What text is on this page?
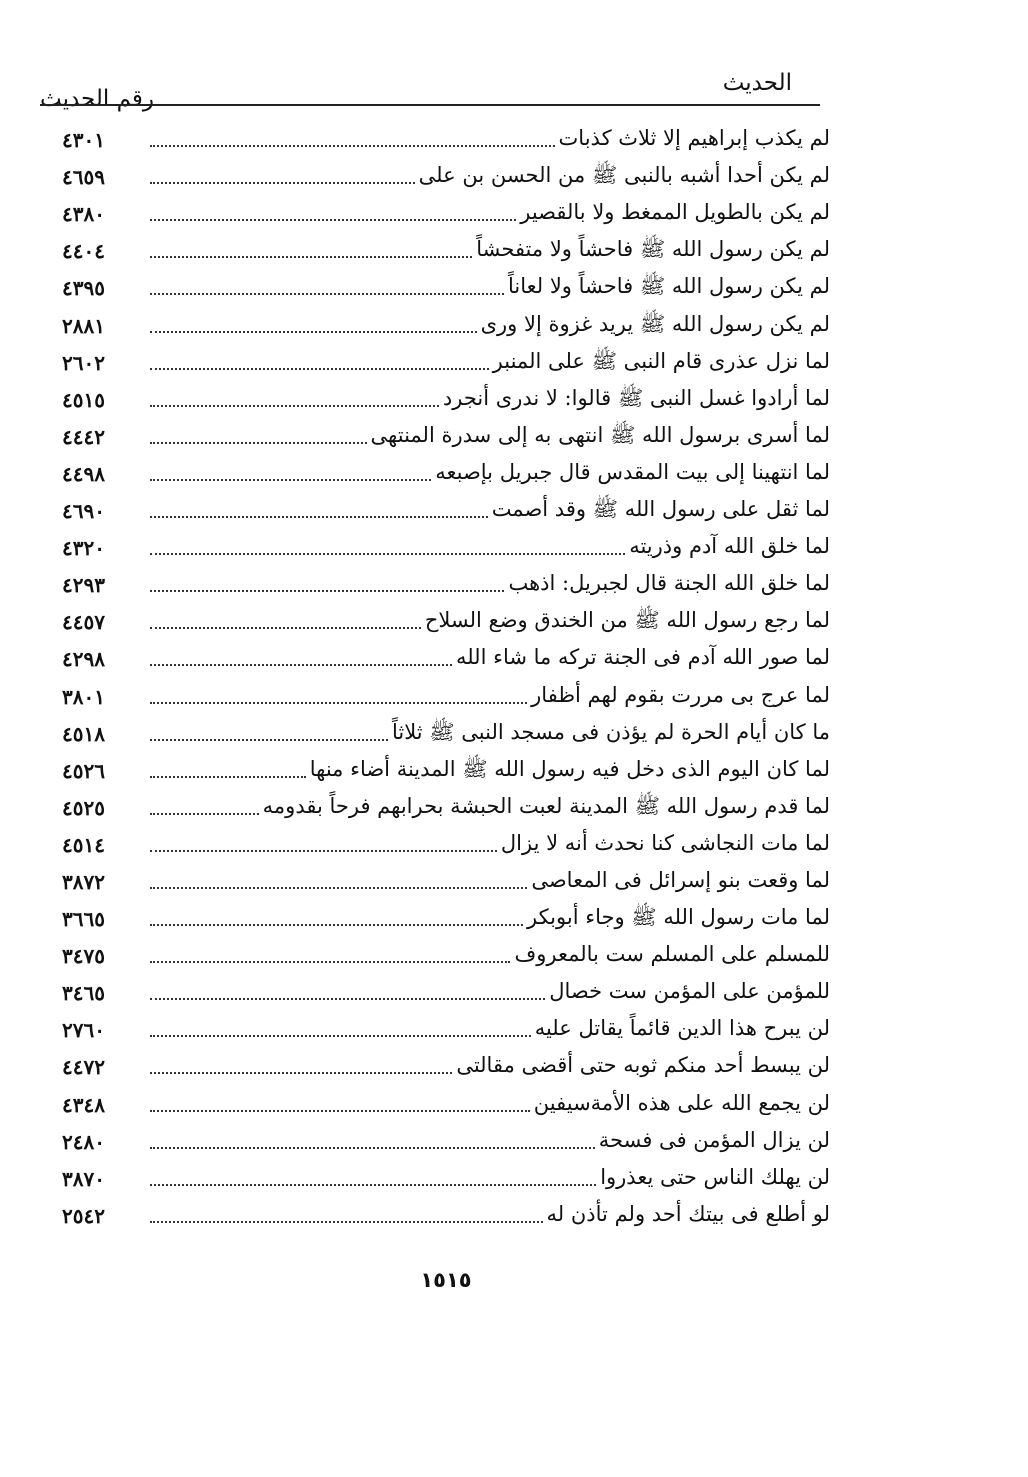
الحديث
رقم الحديث
٤٣٠١	لم يكذب إبراهيم إلا ثلاث كذبات
٤٦٥٩	لم يكن أحدا أشبه بالنبى ﷺ من الحسن بن على
٤٣٨٠	لم يكن بالطويل الممغط ولا بالقصير
٤٤٠٤	لم يكن رسول الله ﷺ فاحشاً ولا متفحشاً
٤٣٩٥	لم يكن رسول الله ﷺ فاحشاً ولا لعاناً
٢٨٨١	لم يكن رسول الله ﷺ يريد غزوة إلا ورى
٢٦٠٢	لما نزل عذرى قام النبى ﷺ على المنبر
٤٥١٥	لما أرادوا غسل النبى ﷺ قالوا: لا ندرى أنجرد
٤٤٤٢	لما أسرى برسول الله ﷺ انتهى به إلى سدرة المنتهى
٤٤٩٨	لما انتهينا إلى بيت المقدس قال جبريل بإصبعه
٤٦٩٠	لما ثقل على رسول الله ﷺ وقد أصمت
٤٣٢٠	لما خلق الله آدم وذريته
٤٢٩٣	لما خلق الله الجنة قال لجبريل: اذهب
٤٤٥٧	لما رجع رسول الله ﷺ من الخندق وضع السلاح
٤٢٩٨	لما صور الله آدم فى الجنة تركه ما شاء الله
٣٨٠١	لما عرج بى مررت بقوم لهم أظفار
٤٥١٨	ما كان أيام الحرة لم يؤذن فى مسجد النبى ﷺ ثلاثاً
٤٥٢٦	لما كان اليوم الذى دخل فيه رسول الله ﷺ المدينة أضاء منها
٤٥٢٥	لما قدم رسول الله ﷺ المدينة لعبت الحبشة بحرابهم فرحاً بقدومه
٤٥١٤	لما مات النجاشى كنا نحدث أنه لا يزال
٣٨٧٢	لما وقعت بنو إسرائل فى المعاصى
٣٦٦٥	لما مات رسول الله ﷺ وجاء أبوبكر
٣٤٧٥	للمسلم على المسلم ست بالمعروف
٣٤٦٥	للمؤمن على المؤمن ست خصال
٢٧٦٠	لن يبرح هذا الدين قائماً يقاتل عليه
٤٤٧٢	لن يبسط أحد منكم ثوبه حتى أقضى مقالتى
٤٣٤٨	لن يجمع الله على هذه الأمةسيفين
٢٤٨٠	لن يزال المؤمن فى فسحة
٣٨٧٠	لن يهلك الناس حتى يعذروا
٢٥٤٢	لو أطلع فى بيتك أحد ولم تأذن له
١٥١٥
